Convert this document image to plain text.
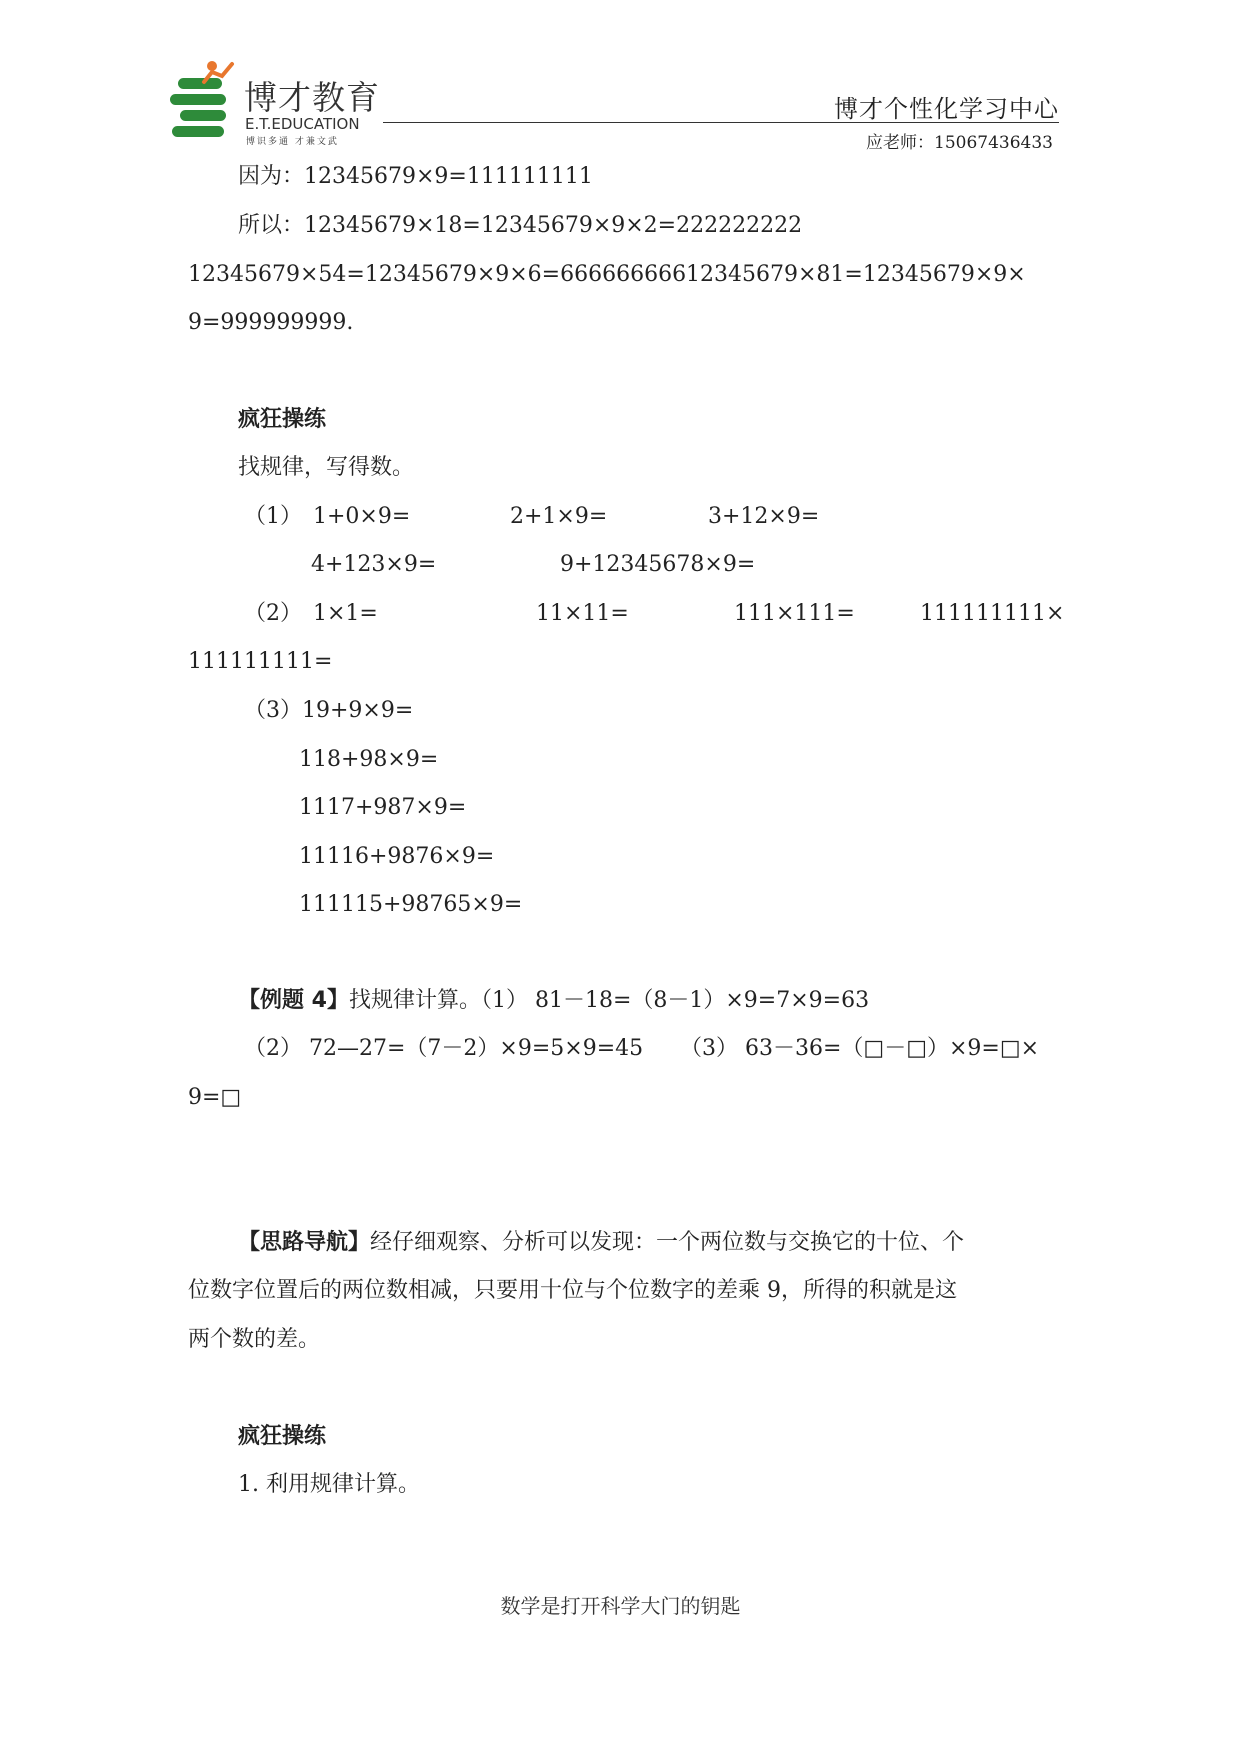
博才教育
E.T.EDUCATION
博识多通 才兼文武
博才个性化学习中心
应老师：15067436433
因为：12345679×9=111111111
所以：12345679×18=12345679×9×2=222222222
12345679×54=12345679×9×6=666666666 12345679×81=12345679×9×
9=999999999.
疯狂操练
找规律，写得数。
（1） 1+0×9=	2+1×9=	3+12×9=
4+123×9=	9+12345678×9=
（2） 1×1=	11×11=	111×111=	111111111×
111111111=
（3）19+9×9=
118+98×9=
1117+987×9=
11116+9876×9=
111115+98765×9=
【例题 4】找规律计算。（1） 81－18=（8－1）×9=7×9=63
（2） 72—27=（7－2）×9=5×9=45 （3） 63－36=（□－□）×9=□×
9=□
【思路导航】经仔细观察、分析可以发现：一个两位数与交换它的十位、个
位数字位置后的两位数相减，只要用十位与个位数字的差乘 9，所得的积就是这
两个数的差。
疯狂操练
1. 利用规律计算。
数学是打开科学大门的钥匙
